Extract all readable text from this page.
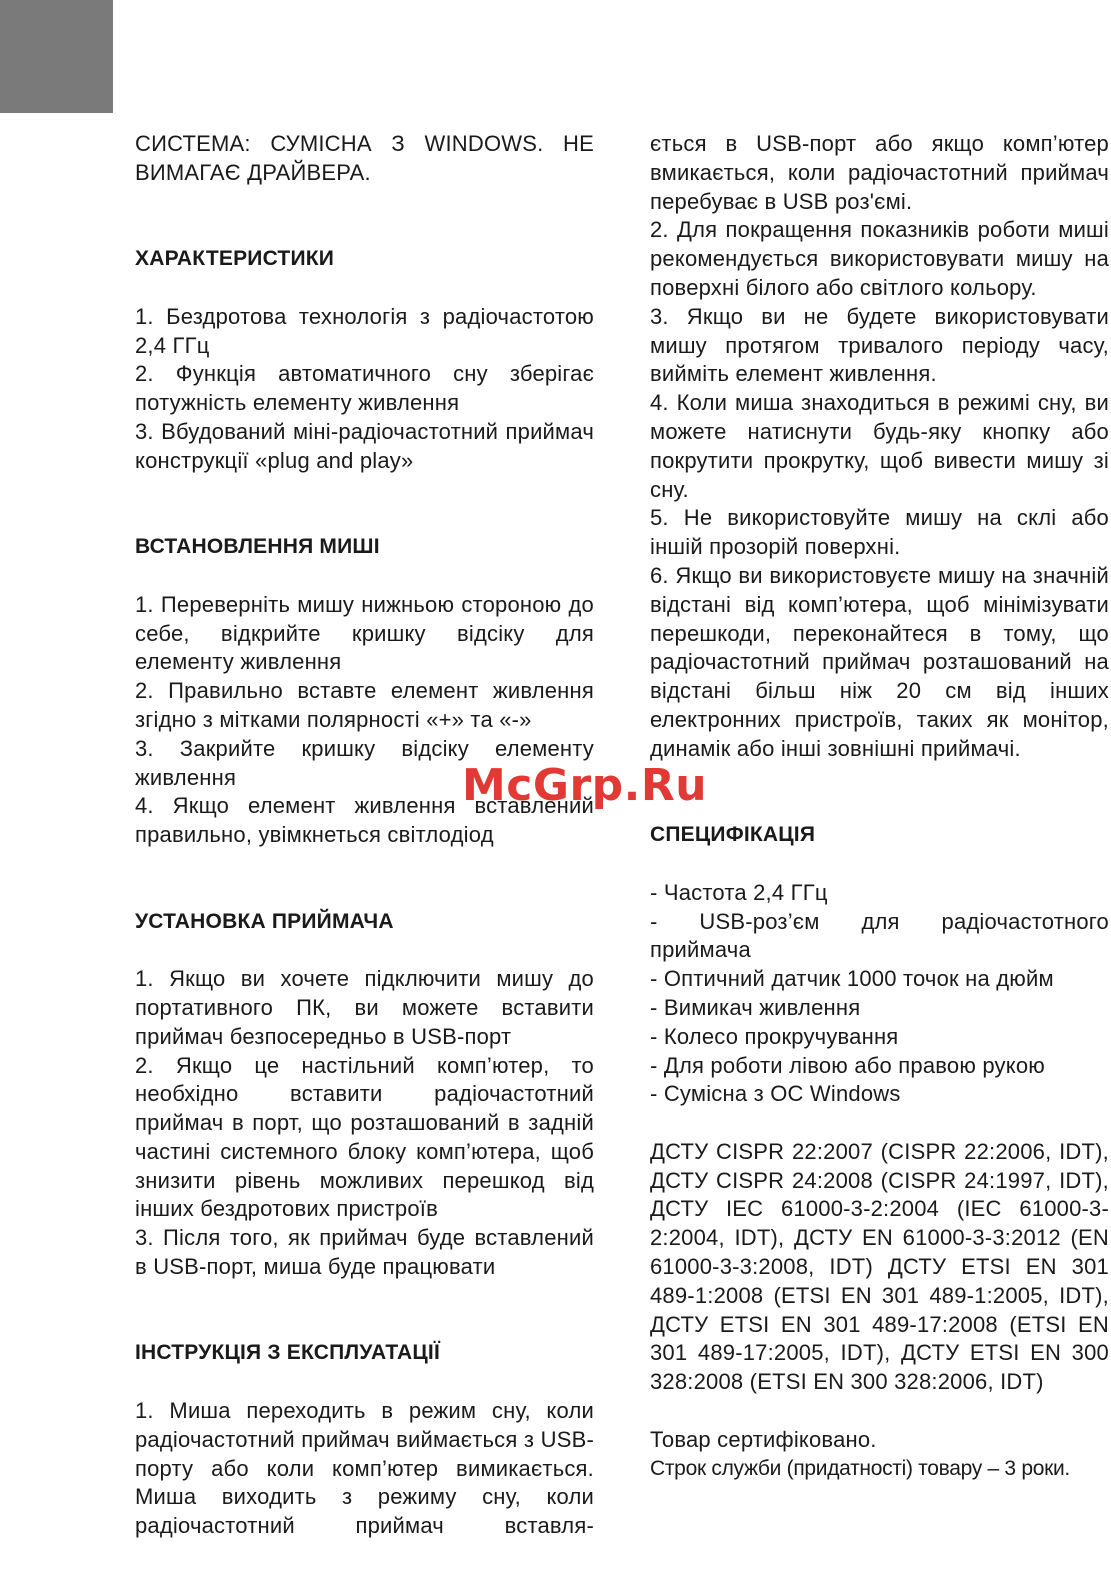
СИСТЕМА: СУМІСНА З WINDOWS. НЕ ВИМАГАЄ ДРАЙВЕРА.

ХАРАКТЕРИСТИКИ

1. Бездротова технологія з радіочастотою 2,4 ГГц

2. Функція автоматичного сну зберігає потужність елементу живлення

3. Вбудований міні-радіочастотний приймач конструкції «plug and play»

ВСТАНОВЛЕННЯ МИШІ

1. Переверніть мишу нижньою стороною до себе, відкрийте кришку відсіку для елементу живлення

2. Правильно вставте елемент живлення згідно з мітками полярності «+» та «-»

3. Закрийте кришку відсіку елементу живлення

4. Якщо елемент живлення вставлений правильно, увімкнеться світлодіод

УСТАНОВКА ПРИЙМАЧА

1. Якщо ви хочете підключити мишу до портативного ПК, ви можете вставити приймач безпосередньо в USB-порт

2. Якщо це настільний комп’ютер, то необхідно вставити радіочастотний приймач в порт, що розташований в задній частині системного блоку комп’ютера, щоб знизити рівень можливих перешкод від інших бездротових пристроїв

3. Після того, як приймач буде вставлений в USB-порт, миша буде працювати

ІНСТРУКЦІЯ З ЕКСПЛУАТАЦІЇ

1. Миша переходить в режим сну, коли радіочастотний приймач виймається з USB-порту або коли комп’ютер вимикається. Миша виходить з режиму сну, коли радіочастотний приймач вставля-

ється в USB-порт або якщо комп’ютер вмикається, коли радіочастотний приймач перебуває в USB роз'ємі.

2. Для покращення показників роботи миші рекомендується використовувати мишу на поверхні білого або світлого кольору.

3. Якщо ви не будете використовувати мишу протягом тривалого періоду часу, вийміть елемент живлення.

4. Коли миша знаходиться в режимі сну, ви можете натиснути будь-яку кнопку або покрутити прокрутку, щоб вивести мишу зі сну.

5. Не використовуйте мишу на склі або іншій прозорій поверхні.

6. Якщо ви використовуєте мишу на значній відстані від комп’ютера, щоб мінімізувати перешкоди, переконайтеся в тому, що радіочастотний приймач розташований на відстані більш ніж 20 см від інших електронних пристроїв, таких як монітор, динамік або інші зовнішні приймачі.

СПЕЦИФІКАЦІЯ

- Частота 2,4 ГГц

- USB-роз’єм для радіочастотного приймача

- Оптичний датчик 1000 точок на дюйм

- Вимикач живлення

- Колесо прокручування

- Для роботи лівою або правою рукою

- Сумісна з ОС Windows

ДСТУ CISPR 22:2007 (CISPR 22:2006, IDT), ДСТУ CISPR 24:2008 (CISPR 24:1997, IDT), ДСТУ IEC 61000-3-2:2004 (IEC 61000-3-2:2004, IDT), ДСТУ EN 61000-3-3:2012 (EN 61000-3-3:2008, IDT) ДСТУ ETSI EN 301 489-1:2008 (ETSI EN 301 489-1:2005, IDT), ДСТУ ETSI EN 301 489-17:2008 (ETSI EN 301 489-17:2005, IDT), ДСТУ ETSI EN 300 328:2008 (ETSI EN 300 328:2006, IDT)

Товар сертифіковано.

Строк служби (придатності) товару – 3 роки.

McGrp.Ru
